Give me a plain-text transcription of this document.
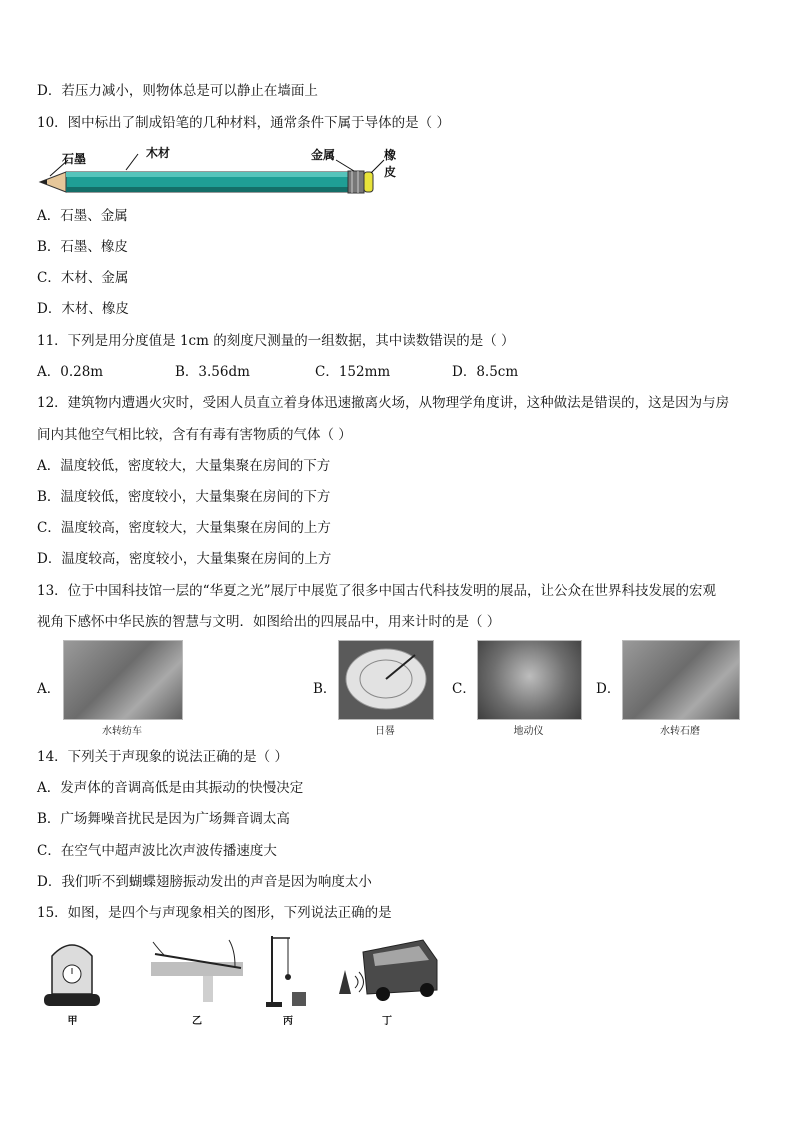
D．若压力减小，则物体总是可以静止在墙面上
10．图中标出了制成铅笔的几种材料，通常条件下属于导体的是（ ）
石墨	木材	金属	橡皮
A．石墨、金属
B．石墨、橡皮
C．木材、金属
D．木材、橡皮
11．下列是用分度值是 1cm 的刻度尺测量的一组数据，其中读数错误的是（ ）
A．0.28m	B．3.56dm	C．152mm	D．8.5cm
12．建筑物内遭遇火灾时，受困人员直立着身体迅速撤离火场，从物理学角度讲，这种做法是错误的，这是因为与房
间内其他空气相比较，含有有毒有害物质的气体（ ）
A．温度较低，密度较大，大量集聚在房间的下方
B．温度较低，密度较小，大量集聚在房间的下方
C．温度较高，密度较大，大量集聚在房间的上方
D．温度较高，密度较小，大量集聚在房间的上方
13．位于中国科技馆一层的“华夏之光”展厅中展览了很多中国古代科技发明的展品，让公众在世界科技发展的宏观
视角下感怀中华民族的智慧与文明．如图给出的四展品中，用来计时的是（ ）
A．
水转纺车
B．
日晷
C．
地动仪
D．
水转石磨
14．下列关于声现象的说法正确的是（ ）
A．发声体的音调高低是由其振动的快慢决定
B．广场舞噪音扰民是因为广场舞音调太高
C．在空气中超声波比次声波传播速度大
D．我们听不到蝴蝶翅膀振动发出的声音是因为响度太小
15．如图，是四个与声现象相关的图形，下列说法正确的是
甲	乙	丙	丁
